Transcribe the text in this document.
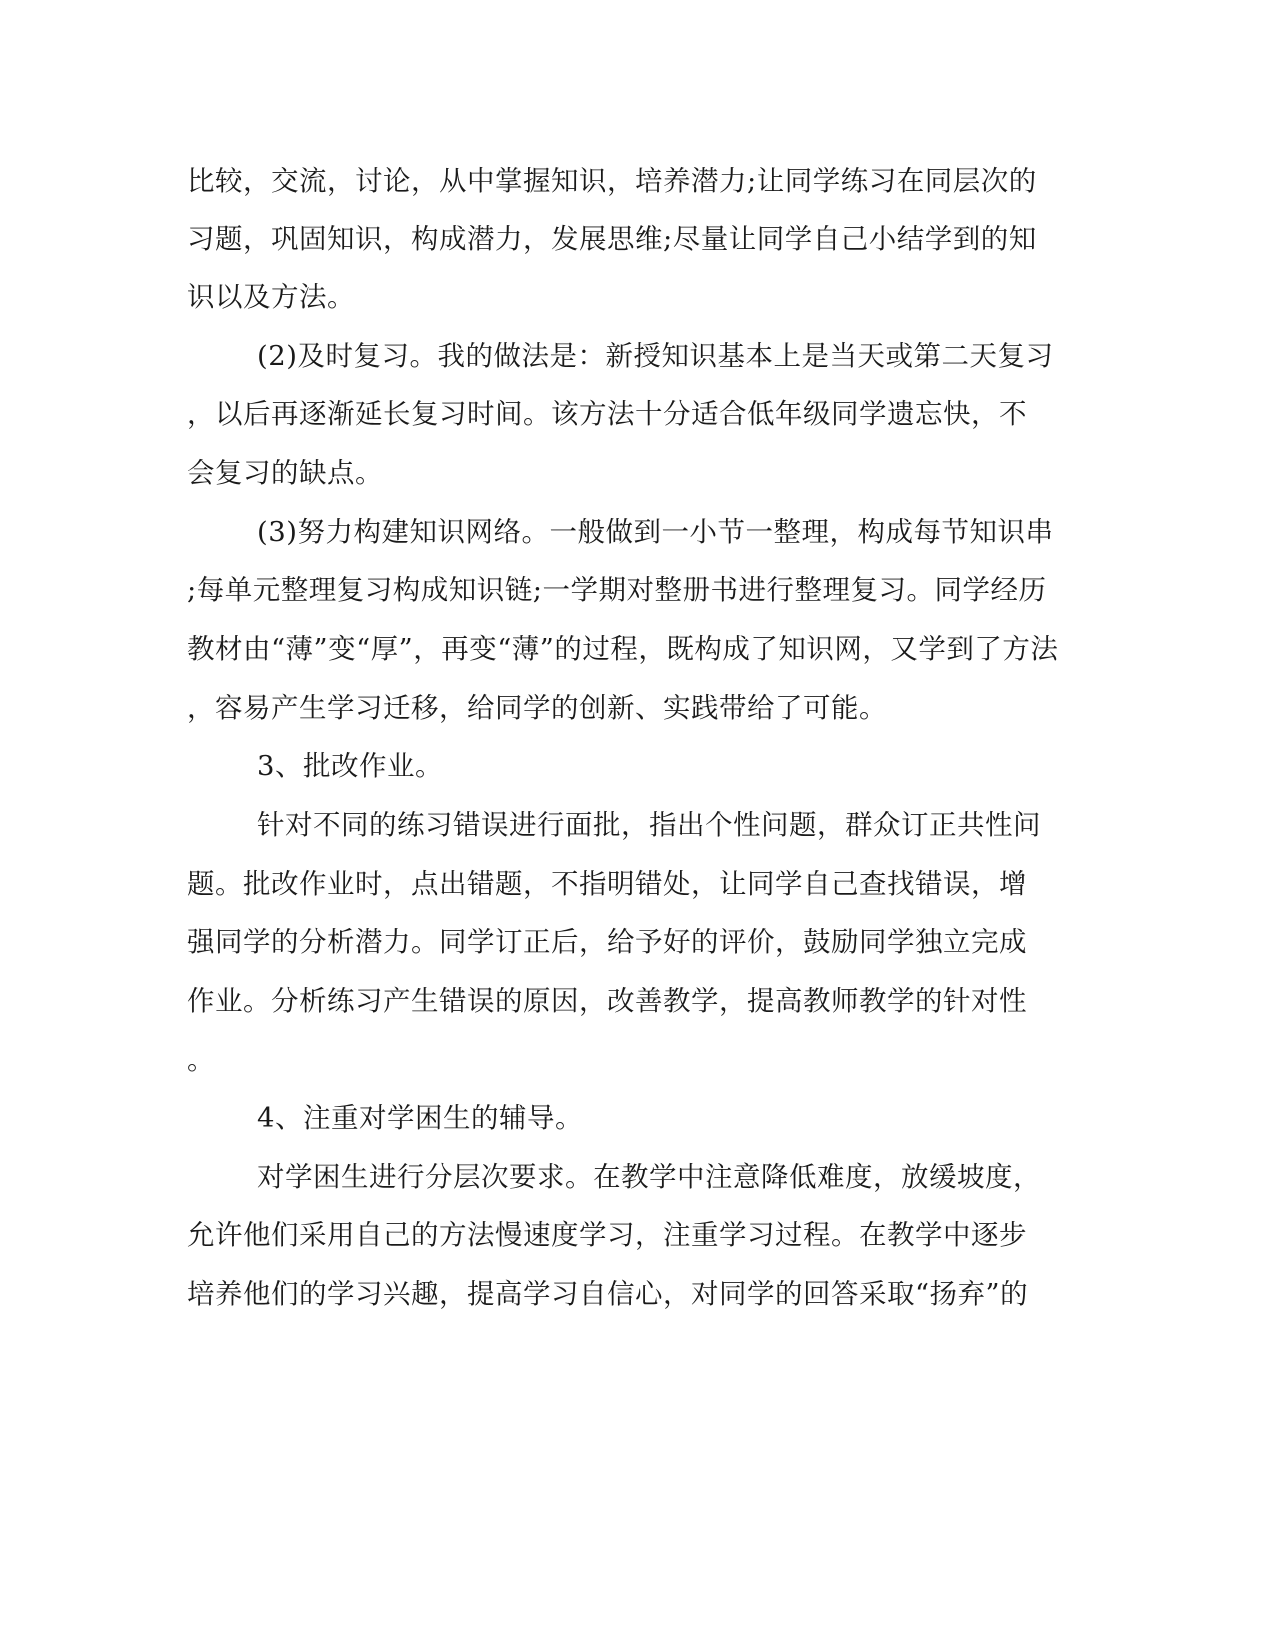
比较，交流，讨论，从中掌握知识，培养潜力;让同学练习在同层次的
习题，巩固知识，构成潜力，发展思维;尽量让同学自己小结学到的知
识以及方法。
(2)及时复习。我的做法是：新授知识基本上是当天或第二天复习
，以后再逐渐延长复习时间。该方法十分适合低年级同学遗忘快，不
会复习的缺点。
(3)努力构建知识网络。一般做到一小节一整理，构成每节知识串
;每单元整理复习构成知识链;一学期对整册书进行整理复习。同学经历
教材由“薄”变“厚”，再变“薄”的过程，既构成了知识网，又学到了方法
，容易产生学习迁移，给同学的创新、实践带给了可能。
3、批改作业。
针对不同的练习错误进行面批，指出个性问题，群众订正共性问
题。批改作业时，点出错题，不指明错处，让同学自己查找错误，增
强同学的分析潜力。同学订正后，给予好的评价，鼓励同学独立完成
作业。分析练习产生错误的原因，改善教学，提高教师教学的针对性
。
4、注重对学困生的辅导。
对学困生进行分层次要求。在教学中注意降低难度，放缓坡度，
允许他们采用自己的方法慢速度学习，注重学习过程。在教学中逐步
培养他们的学习兴趣，提高学习自信心，对同学的回答采取“扬弃”的
